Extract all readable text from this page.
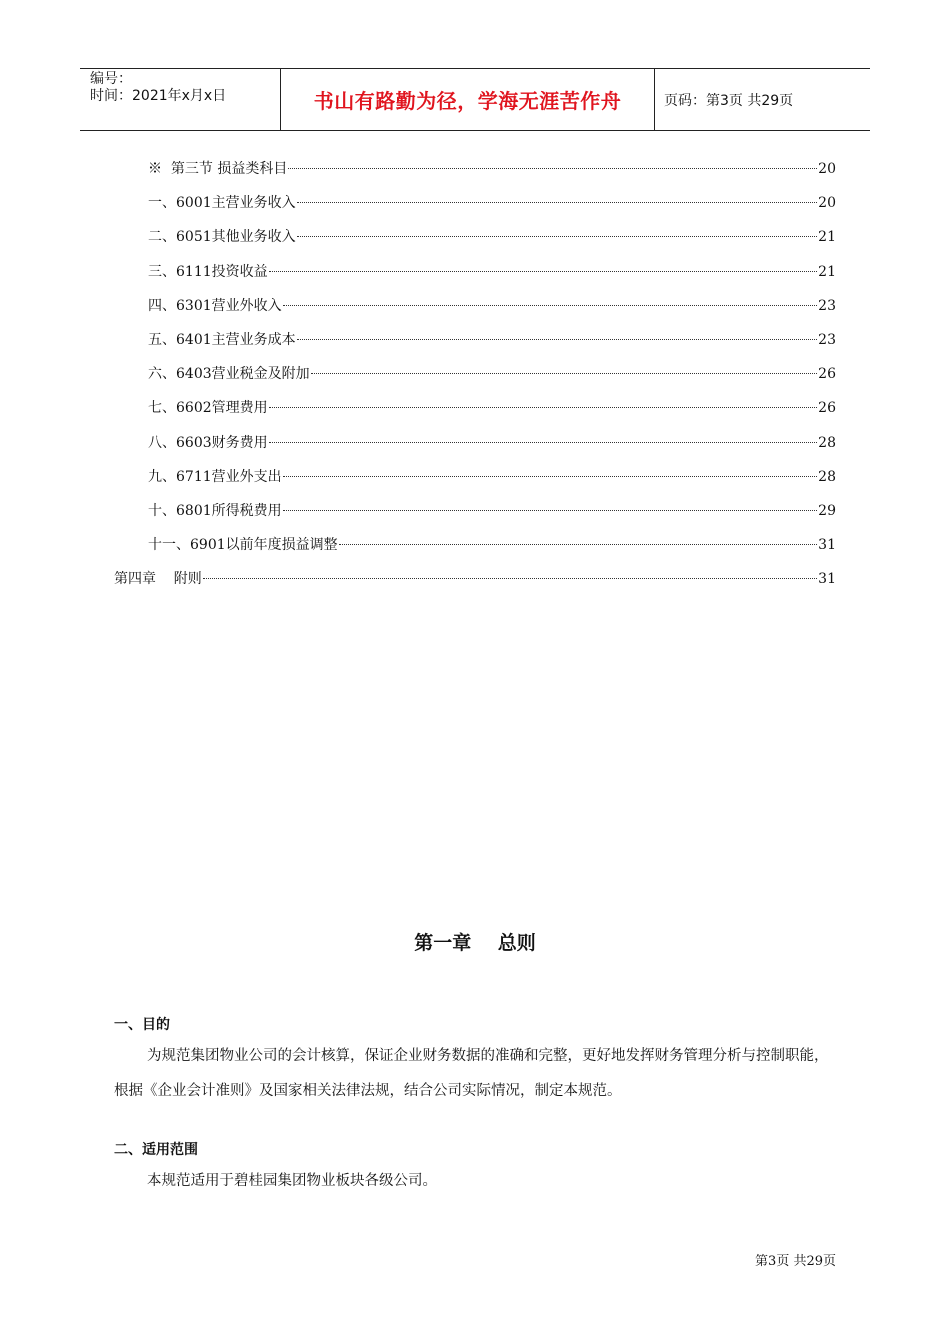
编号：
时间：2021年x月x日	书山有路勤为径，学海无涯苦作舟	页码：第3页 共29页
※  第三节 损益类科目	20
一、6001主营业务收入	20
二、6051其他业务收入	21
三、6111投资收益	21
四、6301营业外收入	23
五、6401主营业务成本	23
六、6403营业税金及附加	26
七、6602管理费用	26
八、6603财务费用	28
九、6711营业外支出	28
十、6801所得税费用	29
十一、6901以前年度损益调整	31
第四章    附则	31
第一章    总则
一、目的
为规范集团物业公司的会计核算，保证企业财务数据的准确和完整，更好地发挥财务管理分析与控制职能，根据《企业会计准则》及国家相关法律法规，结合公司实际情况，制定本规范。
二、适用范围
本规范适用于碧桂园集团物业板块各级公司。
第3页 共29页
